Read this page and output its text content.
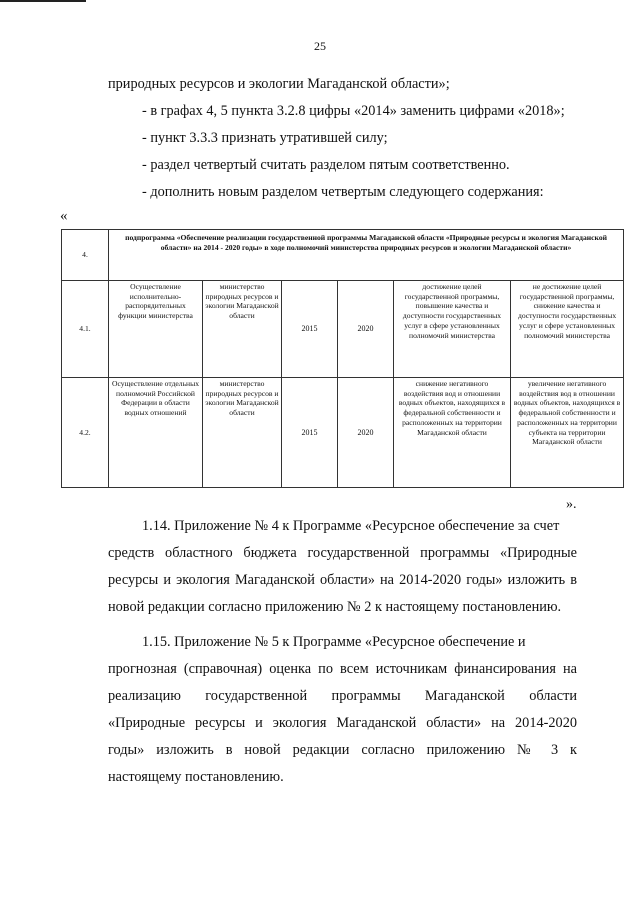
25
природных ресурсов и экологии Магаданской области»;
- в графах 4, 5 пункта 3.2.8 цифры «2014» заменить цифрами «2018»;
- пункт 3.3.3 признать утратившей силу;
- раздел четвертый считать разделом пятым соответственно.
- дополнить новым разделом четвертым следующего содержания:
«
4.	подпрограмма «Обеспечение реализации государственной программы Магаданской области «Природные ресурсы и экология Магаданской области» на 2014 - 2020 годы» в ходе полномочий министерства природных ресурсов и экологии Магаданской области»					
4.1.	Осуществление исполнительно-распорядительных функции министерства	министерство природных ресурсов и экологии Магаданской области	2015	2020	достижение целей государственной программы, повышение качества и доступности государственных услуг в сфере установленных полномочий министерства	не достижение целей государственной программы, снижение качества и доступности государственных услуг и сфере установленных полномочий министерства
4.2.	Осуществление отдельных полномочий Российской Федерации в области водных отношений	министерство природных ресурсов и экологии Магаданской области	2015	2020	снижение негативного воздействия вод и отношении водных объектов, находящихся в федеральной собственности и расположенных на территории Магаданской области	увеличение негативного воздействия вод в отношении водных объектов, находящихся в федеральной собственности и расположенных на территории субъекта на территории Магаданской области
».
1.14. Приложение № 4 к Программе «Ресурсное обеспечение за счет
средств областного бюджета государственной программы «Природные
ресурсы и экология Магаданской области» на 2014-2020 годы» изложить в
новой редакции согласно приложению № 2 к настоящему постановлению.
1.15. Приложение № 5 к Программе «Ресурсное обеспечение и
прогнозная (справочная) оценка по всем источникам финансирования на
реализацию государственной программы Магаданской области
«Природные ресурсы и экология Магаданской области» на 2014-2020
годы» изложить в новой редакции согласно приложению № 3 к
настоящему постановлению.
